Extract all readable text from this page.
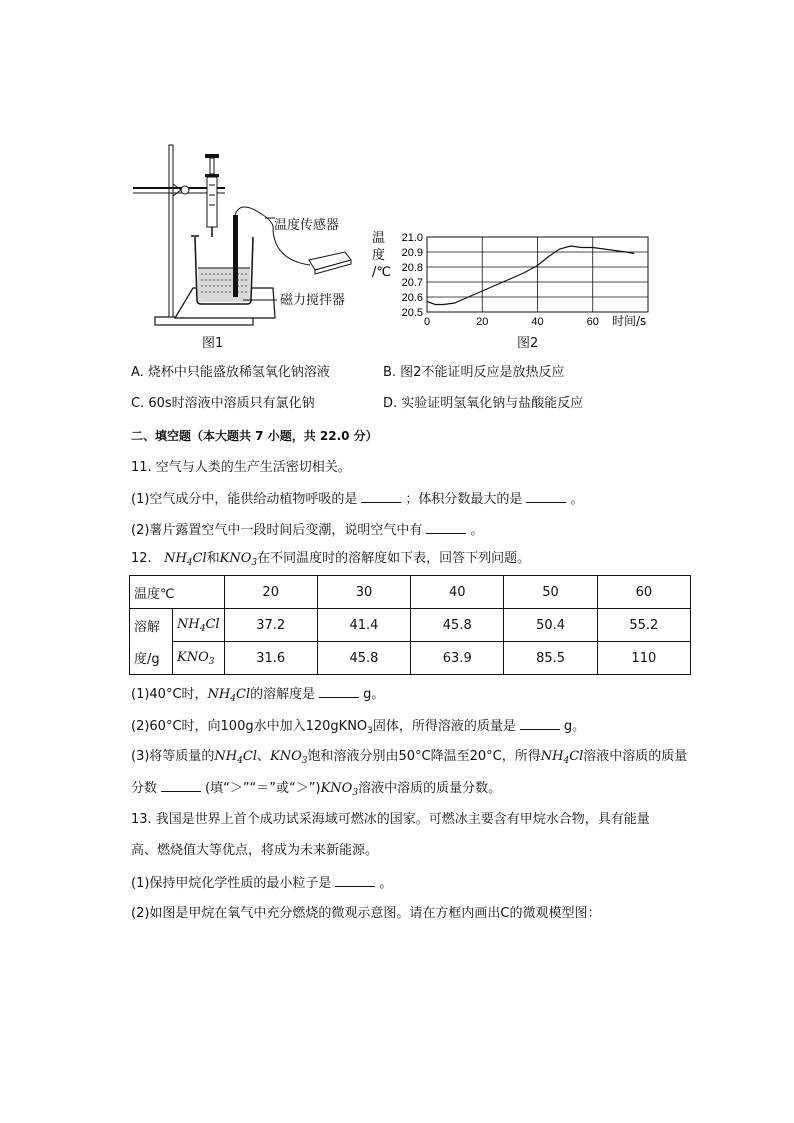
温度传感器
磁力搅拌器
图1
21.0
20.9
20.8
20.7
20.6
20.5
0	20	40	60
温
度
/℃
时间/s
图2
A. 烧杯中只能盛放稀氢氧化钠溶液	B. 图2不能证明反应是放热反应
C. 60s时溶液中溶质只有氯化钠	D. 实验证明氢氧化钠与盐酸能反应
二、填空题（本大题共 7 小题，共 22.0 分）
11. 空气与人类的生产生活密切相关。
(1)空气成分中，能供给动植物呼吸的是	；体积分数最大的是	。
(2)薯片露置空气中一段时间后变潮，说明空气中有	。
12. $NH_4Cl$和$KNO_3$在不同温度时的溶解度如下表，回答下列问题。
温度℃		20	30	40	50	60
溶解	$NH_4Cl$	37.2	41.4	45.8	50.4	55.2
度/g	$KNO_3$	31.6	45.8	63.9	85.5	110
(1)40°C时，$NH_4Cl$的溶解度是	g。
(2)60°C时，向100g水中加入120gKNO$_3$固体，所得溶液的质量是	g。
(3)将等质量的$NH_4Cl$、$KNO_3$饱和溶液分别由50°C降温至20°C，所得$NH_4Cl$溶液中溶质的质量
分数	(填“＞”“＝”或“$>”)KNO_3$溶液中溶质的质量分数。
13. 我国是世界上首个成功试采海域可燃冰的国家。可燃冰主要含有甲烷水合物，具有能量
高、燃烧值大等优点，将成为未来新能源。
(1)保持甲烷化学性质的最小粒子是	。
(2)如图是甲烷在氧气中充分燃烧的微观示意图。请在方框内画出C的微观模型图：
